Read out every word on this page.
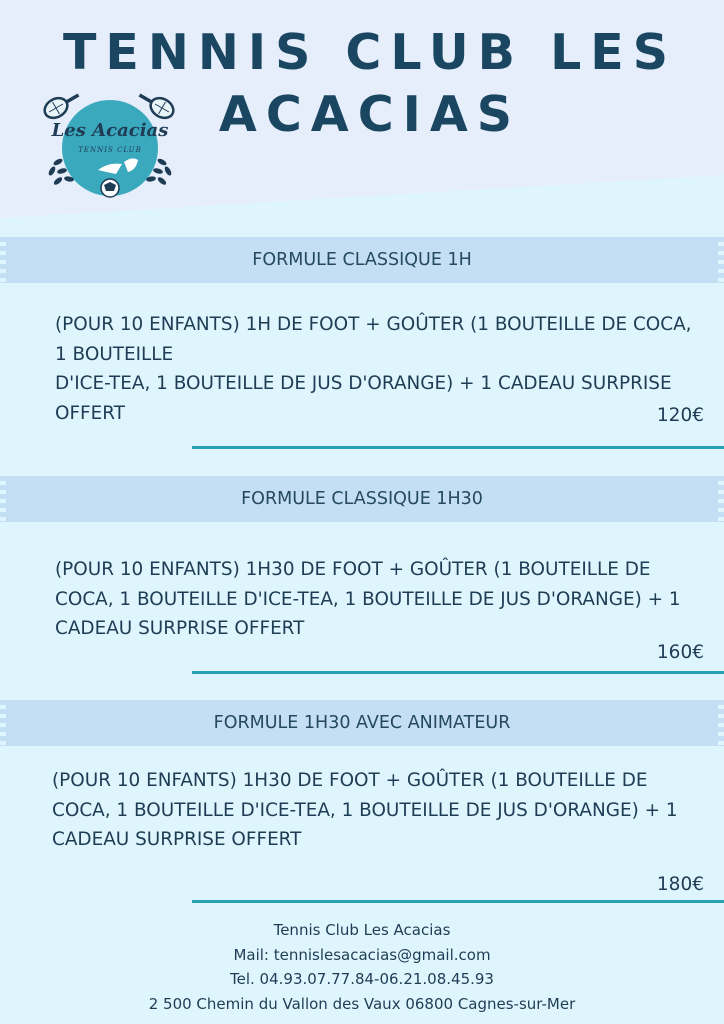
TENNIS CLUB LES ACACIAS
Les Acacias
TENNIS CLUB
FORMULE CLASSIQUE 1H
(POUR 10 ENFANTS) 1H DE FOOT + GOÛTER (1 BOUTEILLE DE COCA, 1 BOUTEILLE
D'ICE-TEA, 1 BOUTEILLE DE JUS D'ORANGE) + 1 CADEAU SURPRISE OFFERT	120€
FORMULE CLASSIQUE 1H30
(POUR 10 ENFANTS) 1H30 DE FOOT + GOÛTER (1 BOUTEILLE DE COCA, 1 BOUTEILLE D'ICE-TEA, 1 BOUTEILLE DE JUS D'ORANGE) + 1 CADEAU SURPRISE OFFERT
160€
FORMULE 1H30 AVEC ANIMATEUR
(POUR 10 ENFANTS) 1H30 DE FOOT + GOÛTER (1 BOUTEILLE DE COCA, 1 BOUTEILLE D'ICE-TEA, 1 BOUTEILLE DE JUS D'ORANGE) + 1 CADEAU SURPRISE OFFERT
180€
Tennis Club Les Acacias
Mail: tennislesacacias@gmail.com
Tel. 04.93.07.77.84-06.21.08.45.93
2 500 Chemin du Vallon des Vaux 06800 Cagnes-sur-Mer
